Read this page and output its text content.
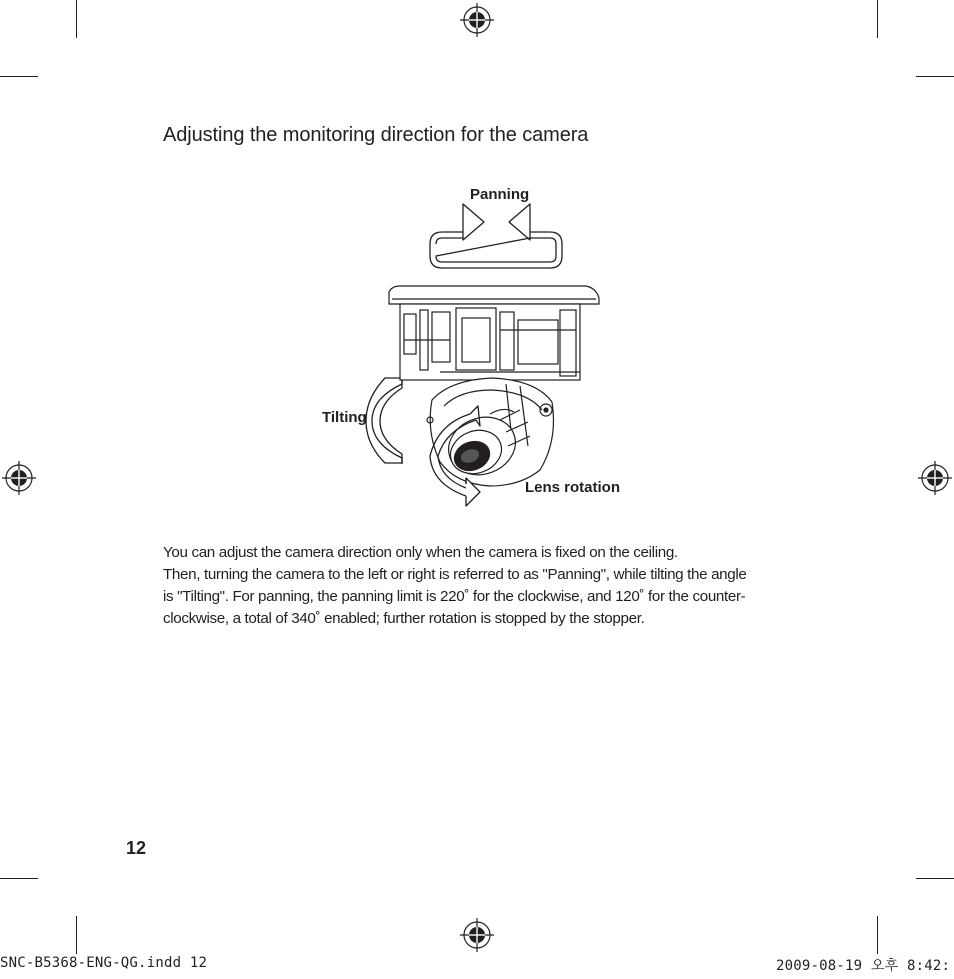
Adjusting the monitoring direction for the camera
Panning
Tilting
Lens rotation

You can adjust the camera direction only when the camera is fixed on the ceiling.

Then, turning the camera to the left or right is referred to as "Panning", while tilting the angle

is "Tilting". For panning, the panning limit is 220˚ for the clockwise, and 120˚ for the counter-

clockwise, a total of 340˚ enabled; further rotation is stopped by the stopper.

12
SNC-B5368-ENG-QG.indd 12	2009-08-19 오후 8:42:
